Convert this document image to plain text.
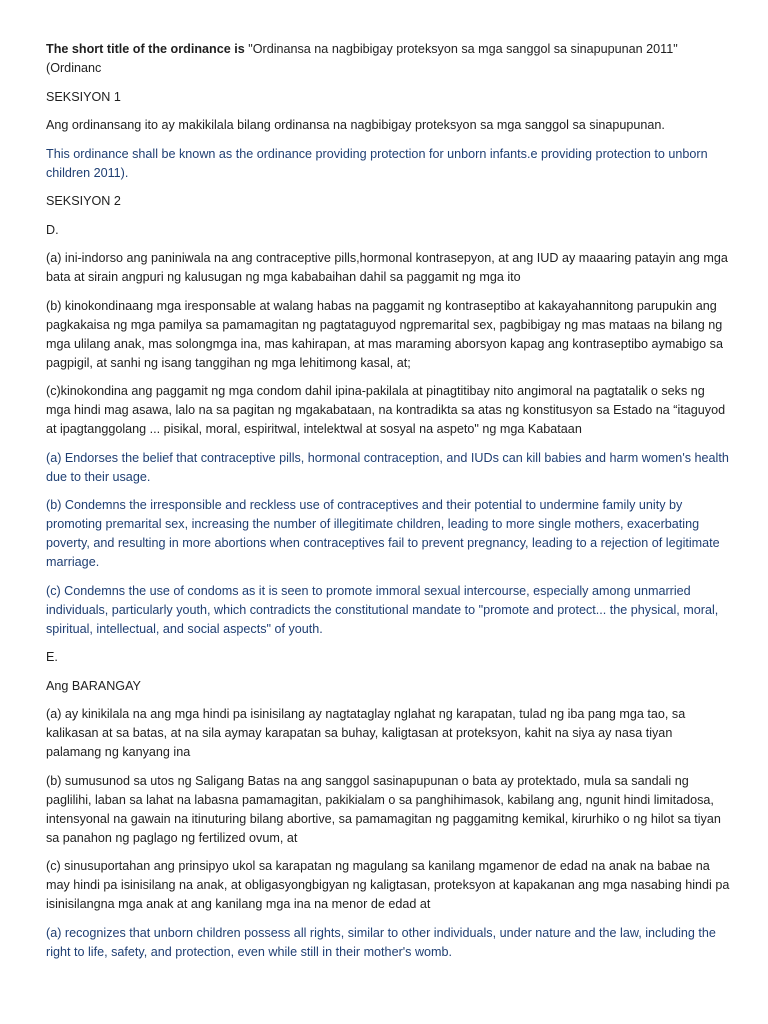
The short title of the ordinance is "Ordinansa na nagbibigay proteksyon sa mga sanggol sa sinapupunan 2011" (Ordinanc

SEKSIYON 1

Ang ordinansang ito ay makikilala bilang ordinansa na nagbibigay proteksyon sa mga sanggol sa sinapupunan.

This ordinance shall be known as the ordinance providing protection for unborn infants.e providing protection to unborn children 2011).

SEKSIYON 2

D.

(a) ini-indorso ang paniniwala na ang contraceptive pills,hormonal kontrasepyon, at ang IUD ay maaaring patayin ang mga bata at sirain angpuri ng kalusugan ng mga kababaihan dahil sa paggamit ng mga ito

(b) kinokondinaang mga iresponsable at walang habas na paggamit ng kontraseptibo at kakayahannitong parupukin ang pagkakaisa ng mga pamilya sa pamamagitan ng pagtataguyod ngpremarital sex, pagbibigay ng mas mataas na bilang ng mga ulilang anak, mas solongmga ina, mas kahirapan, at mas maraming aborsyon kapag ang kontraseptibo aymabigo sa pagpigil, at sanhi ng isang tanggihan ng mga lehitimong kasal, at;

(c)kinokondina ang paggamit ng mga condom dahil ipina-pakilala at pinagtitibay nito angimoral na pagtatalik o seks ng mga hindi mag asawa, lalo na sa pagitan ng mgakabataan, na kontradikta sa atas ng konstitusyon sa Estado na “itaguyod at ipagtanggolang ... pisikal, moral, espiritwal, intelektwal at sosyal na aspeto" ng mga Kabataan

(a) Endorses the belief that contraceptive pills, hormonal contraception, and IUDs can kill babies and harm women's health due to their usage.

(b) Condemns the irresponsible and reckless use of contraceptives and their potential to undermine family unity by promoting premarital sex, increasing the number of illegitimate children, leading to more single mothers, exacerbating poverty, and resulting in more abortions when contraceptives fail to prevent pregnancy, leading to a rejection of legitimate marriage.

(c) Condemns the use of condoms as it is seen to promote immoral sexual intercourse, especially among unmarried individuals, particularly youth, which contradicts the constitutional mandate to "promote and protect... the physical, moral, spiritual, intellectual, and social aspects" of youth.

E.

Ang BARANGAY

(a) ay kinikilala na ang mga hindi pa isinisilang ay nagtataglay nglahat ng karapatan, tulad ng iba pang mga tao, sa kalikasan at sa batas, at na sila aymay karapatan sa buhay, kaligtasan at proteksyon, kahit na siya ay nasa tiyan palamang ng kanyang ina

(b) sumusunod sa utos ng Saligang Batas na ang sanggol sasinapupunan o bata ay protektado, mula sa sandali ng paglilihi, laban sa lahat na labasna pamamagitan, pakikialam o sa panghihimasok, kabilang ang, ngunit hindi limitadosa, intensyonal na gawain na itinuturing bilang abortive, sa pamamagitan ng paggamitng kemikal, kirurhiko o ng hilot sa tiyan sa panahon ng paglago ng fertilized ovum, at

(c) sinusuportahan ang prinsipyo ukol sa karapatan ng magulang sa kanilang mgamenor de edad na anak na babae na may hindi pa isinisilang na anak, at obligasyongbigyan ng kaligtasan, proteksyon at kapakanan ang mga nasabing hindi pa isinisilangna mga anak at ang kanilang mga ina na menor de edad at

(a) recognizes that unborn children possess all rights, similar to other individuals, under nature and the law, including the right to life, safety, and protection, even while still in their mother's womb.
